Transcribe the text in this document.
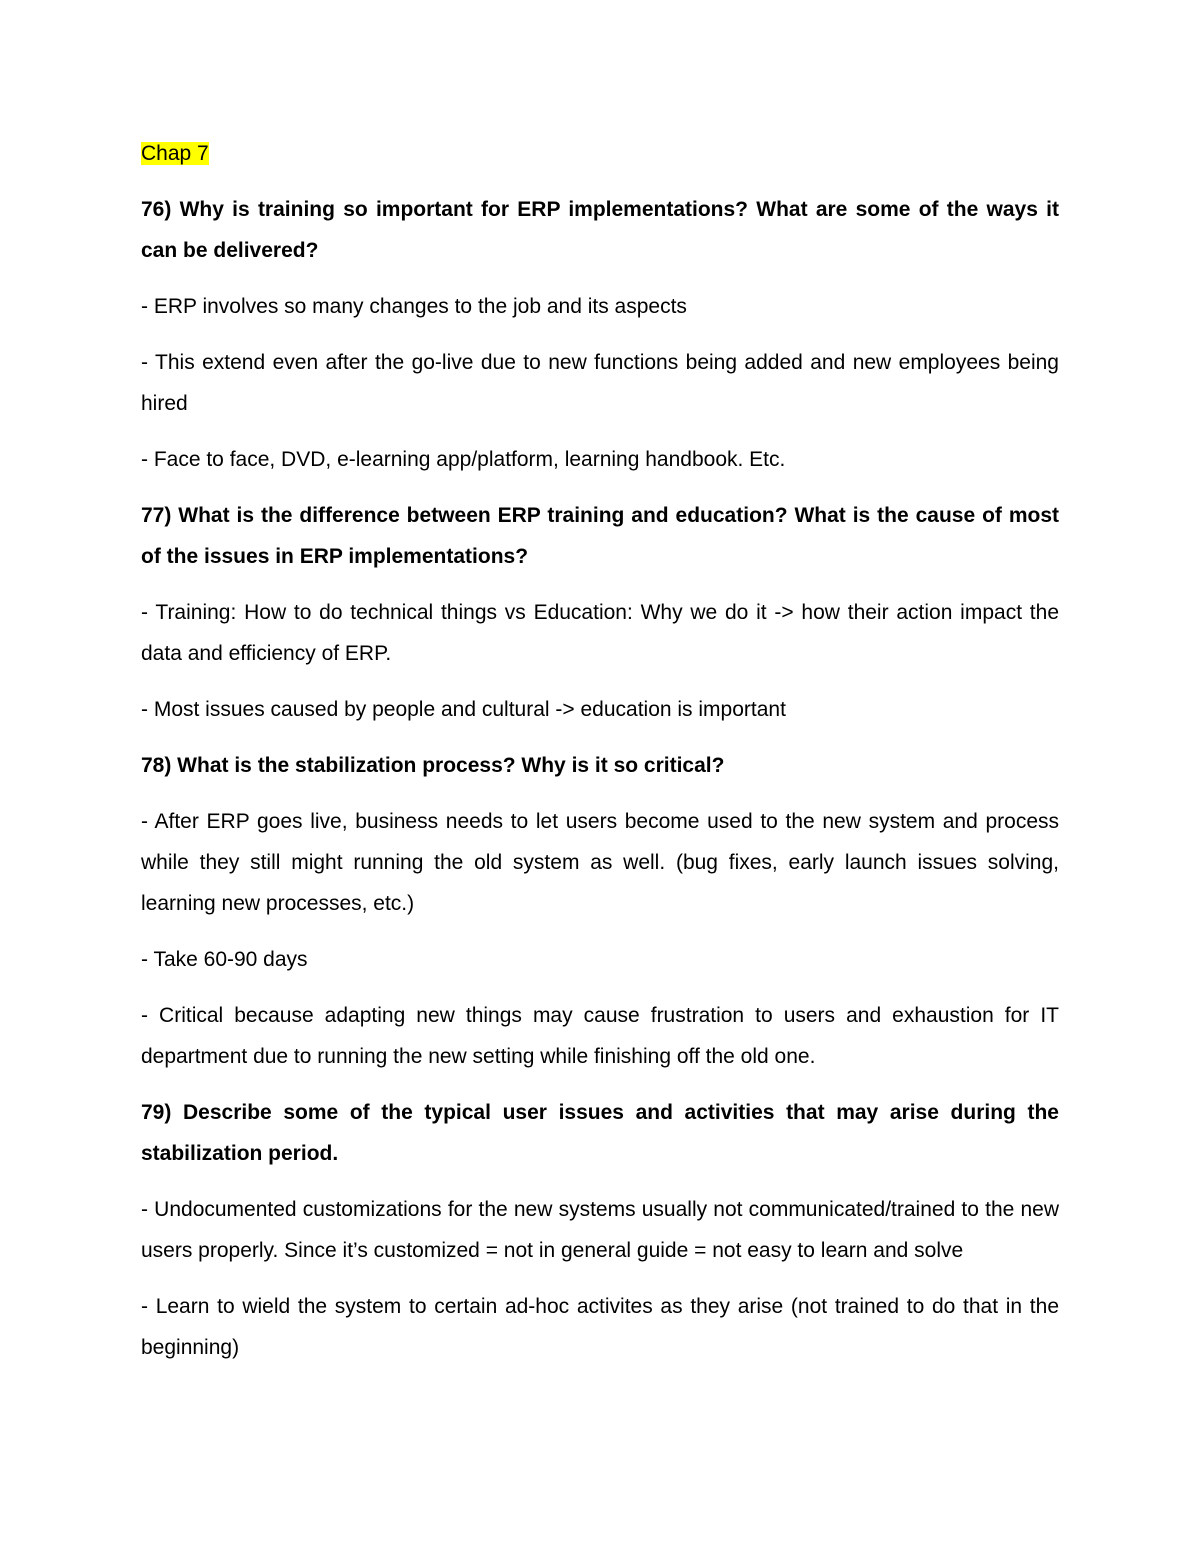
Chap 7

76) Why is training so important for ERP implementations? What are some of the ways it can be delivered?

- ERP involves so many changes to the job and its aspects

- This extend even after the go-live due to new functions being added and new employees being hired

- Face to face, DVD, e-learning app/platform, learning handbook. Etc.

77) What is the difference between ERP training and education? What is the cause of most of the issues in ERP implementations?

- Training: How to do technical things vs Education: Why we do it -> how their action impact the data and efficiency of ERP.

- Most issues caused by people and cultural -> education is important

78) What is the stabilization process? Why is it so critical?

- After ERP goes live, business needs to let users become used to the new system and process while they still might running the old system as well. (bug fixes, early launch issues solving, learning new processes, etc.)

- Take 60-90 days

- Critical because adapting new things may cause frustration to users and exhaustion for IT department due to running the new setting while finishing off the old one.

79) Describe some of the typical user issues and activities that may arise during the stabilization period.

- Undocumented customizations for the new systems usually not communicated/trained to the new users properly. Since it’s customized = not in general guide = not easy to learn and solve

- Learn to wield the system to certain ad-hoc activites as they arise (not trained to do that in the beginning)
